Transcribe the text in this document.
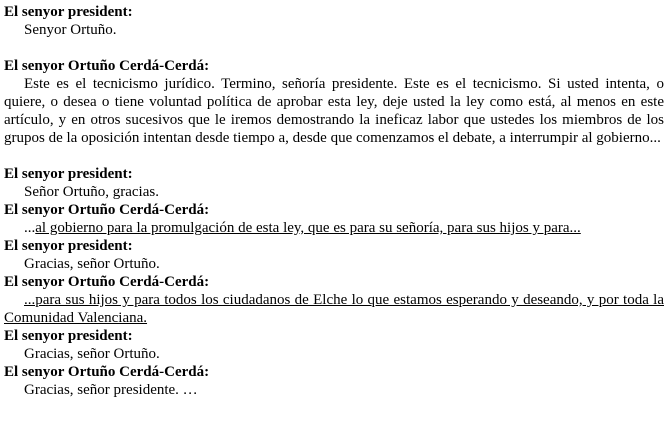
El senyor president:
Senyor Ortuño.
El senyor Ortuño Cerdá-Cerdá:
Este es el tecnicismo jurídico. Termino, señoría presidente. Este es el tecnicismo. Si usted intenta, o quiere, o desea o tiene voluntad política de aprobar esta ley, deje usted la ley como está, al menos en este artículo, y en otros sucesivos que le iremos demostrando la ineficaz labor que ustedes los miembros de los grupos de la oposición intentan desde tiempo a, desde que comenzamos el debate, a interrumpir al gobierno...
El senyor president:
Señor Ortuño, gracias.
El senyor Ortuño Cerdá-Cerdá:
...al gobierno para la promulgación de esta ley, que es para su señoría, para sus hijos y para...
El senyor president:
Gracias, señor Ortuño.
El senyor Ortuño Cerdá-Cerdá:
...para sus hijos y para todos los ciudadanos de Elche lo que estamos esperando y deseando, y por toda la Comunidad Valenciana.
El senyor president:
Gracias, señor Ortuño.
El senyor Ortuño Cerdá-Cerdá:
Gracias, señor presidente. …
